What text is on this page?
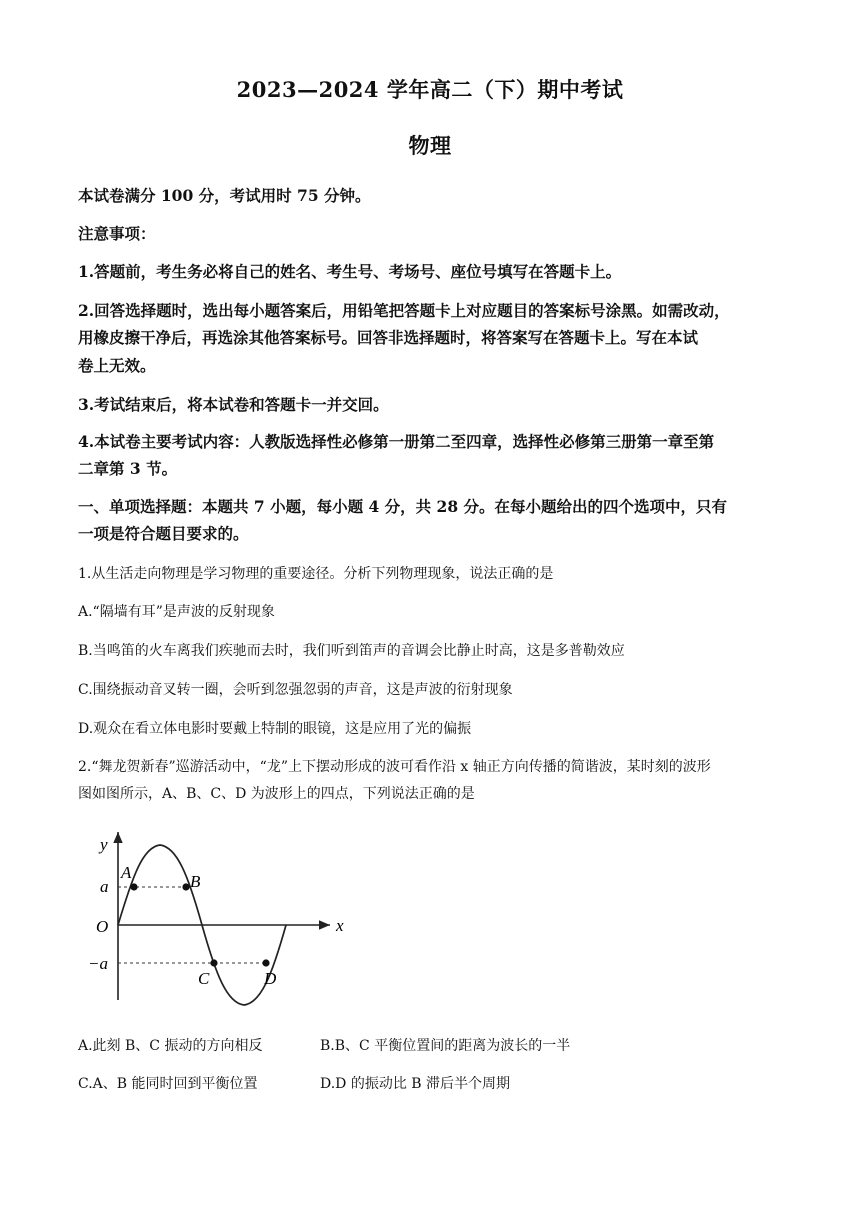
2023—2024 学年高二（下）期中考试
物理
本试卷满分 100 分，考试用时 75 分钟。
注意事项：
1.答题前，考生务必将自己的姓名、考生号、考场号、座位号填写在答题卡上。
2.回答选择题时，选出每小题答案后，用铅笔把答题卡上对应题目的答案标号涂黑。如需改动，
用橡皮擦干净后，再选涂其他答案标号。回答非选择题时，将答案写在答题卡上。写在本试
卷上无效。
3.考试结束后，将本试卷和答题卡一并交回。
4.本试卷主要考试内容：人教版选择性必修第一册第二至四章，选择性必修第三册第一章至第
二章第 3 节。
一、单项选择题：本题共 7 小题，每小题 4 分，共 28 分。在每小题给出的四个选项中，只有
一项是符合题目要求的。
1.从生活走向物理是学习物理的重要途径。分析下列物理现象，说法正确的是
A.“隔墙有耳”是声波的反射现象
B.当鸣笛的火车离我们疾驰而去时，我们听到笛声的音调会比静止时高，这是多普勒效应
C.围绕振动音叉转一圈，会听到忽强忽弱的声音，这是声波的衍射现象
D.观众在看立体电影时要戴上特制的眼镜，这是应用了光的偏振
2.“舞龙贺新春”巡游活动中，“龙”上下摆动形成的波可看作沿 x 轴正方向传播的简谐波，某时刻的波形
图如图所示，A、B、C、D 为波形上的四点，下列说法正确的是
y
x
O
a
−a
A	B
C	D
A.此刻 B、C 振动的方向相反	B.B、C 平衡位置间的距离为波长的一半
C.A、B 能同时回到平衡位置	D.D 的振动比 B 滞后半个周期
